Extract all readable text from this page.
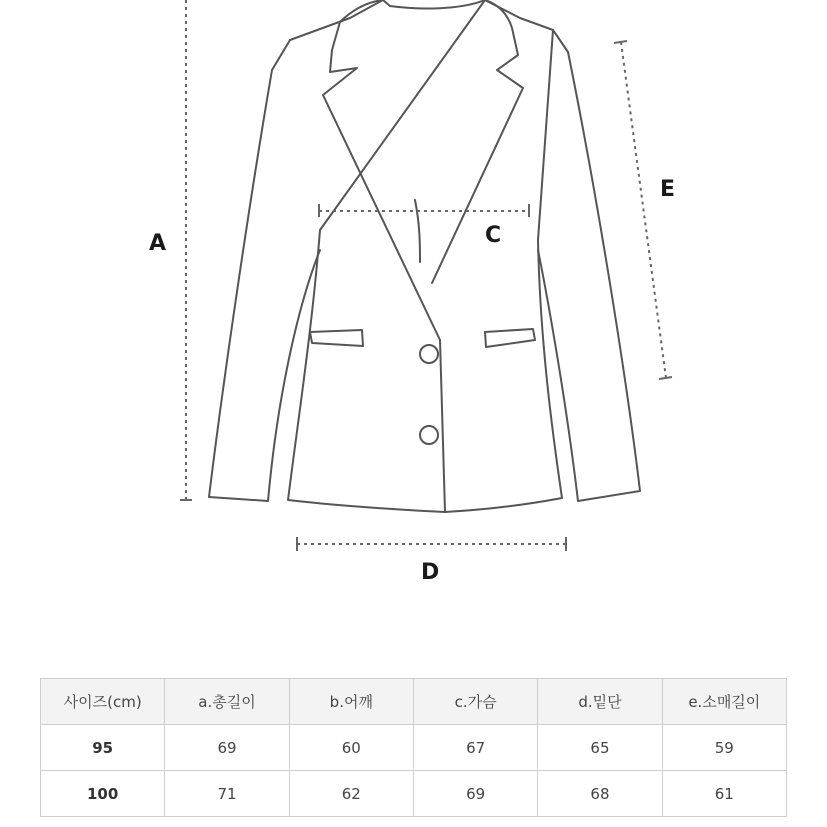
A	C
D
E
사이즈(cm)	a.총길이	b.어깨	c.가슴	d.밑단	e.소매길이
95	69	60	67	65	59
100	71	62	69	68	61
